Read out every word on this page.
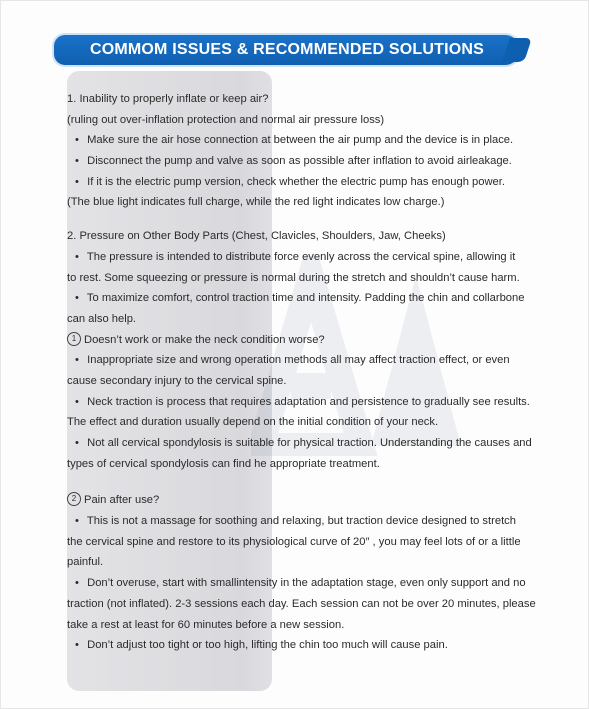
COMMOM ISSUES & RECOMMENDED SOLUTIONS
1. Inability to properly inflate or keep air?
(ruling out over-inflation protection and normal air pressure loss)
• Make sure the air hose connection at between the air pump and the device is in place.
• Disconnect the pump and valve as soon as possible after inflation to avoid airleakage.
• If it is the electric pump version, check whether the electric pump has enough power.
(The blue light indicates full charge, while the red light indicates low charge.)
2. Pressure on Other Body Parts (Chest, Clavicles, Shoulders, Jaw, Cheeks)
• The pressure is intended to distribute force evenly across the cervical spine, allowing it
to rest. Some squeezing or pressure is normal during the stretch and shouldn’t cause harm.
• To maximize comfort, control traction time and intensity. Padding the chin and collarbone
can also help.
1 Doesn’t work or make the neck condition worse?
• Inappropriate size and wrong operation methods all may affect traction effect, or even
cause secondary injury to the cervical spine.
• Neck traction is process that requires adaptation and persistence to gradually see results.
The effect and duration usually depend on the initial condition of your neck.
• Not all cervical spondylosis is suitable for physical traction. Understanding the causes and
types of cervical spondylosis can find he appropriate treatment.
2 Pain after use?
• This is not a massage for soothing and relaxing, but traction device designed to stretch
the cervical spine and restore to its physiological curve of 20″ , you may feel lots of or a little
painful.
• Don’t overuse, start with smallintensity in the adaptation stage, even only support and no
traction (not inflated). 2-3 sessions each day. Each session can not be over 20 minutes, please
take a rest at least for 60 minutes before a new session.
• Don’t adjust too tight or too high, lifting the chin too much will cause pain.
